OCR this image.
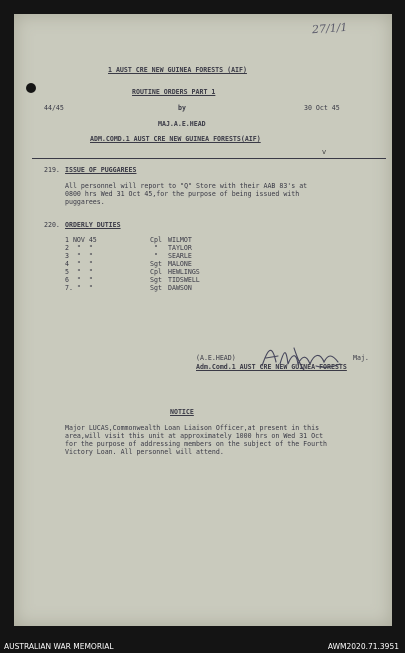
27/1/1

1 AUST CRE NEW GUINEA FORESTS (AIF)

ROUTINE ORDERS PART 1

44/45	by	30 Oct 45

MAJ.A.E.HEAD

ADM.COMD.1 AUST CRE NEW GUINEA FORESTS(AIF)

v

219. ISSUE OF PUGGAREES

All personnel will report to "Q" Store with their AAB 83's at

0800 hrs Wed 31 Oct 45,for the purpose of being issued with

puggarees.

220. ORDERLY DUTIES

1 NOV 45	Cpl WILMOT

2  "  "	" TAYLOR

3  "  "	" SEARLE

4  "  "	Sgt MALONE

5  "  "	Cpl HEWLINGS

6  "  "	Sgt TIDSWELL

7. "  "	Sgt DAWSON

(A.E.HEAD)	Maj.

Adm.Comd.1 AUST CRE NEW GUINEA FORESTS

NOTICE

Major LUCAS,Commonwealth Loan Liaison Officer,at present in this

area,will visit this unit at approximately 1000 hrs on Wed 31 Oct

for the purpose of addressing members on the subject of the Fourth

Victory Loan. All personnel will attend.

AUSTRALIAN WAR MEMORIAL	AWM2020.71.3951
